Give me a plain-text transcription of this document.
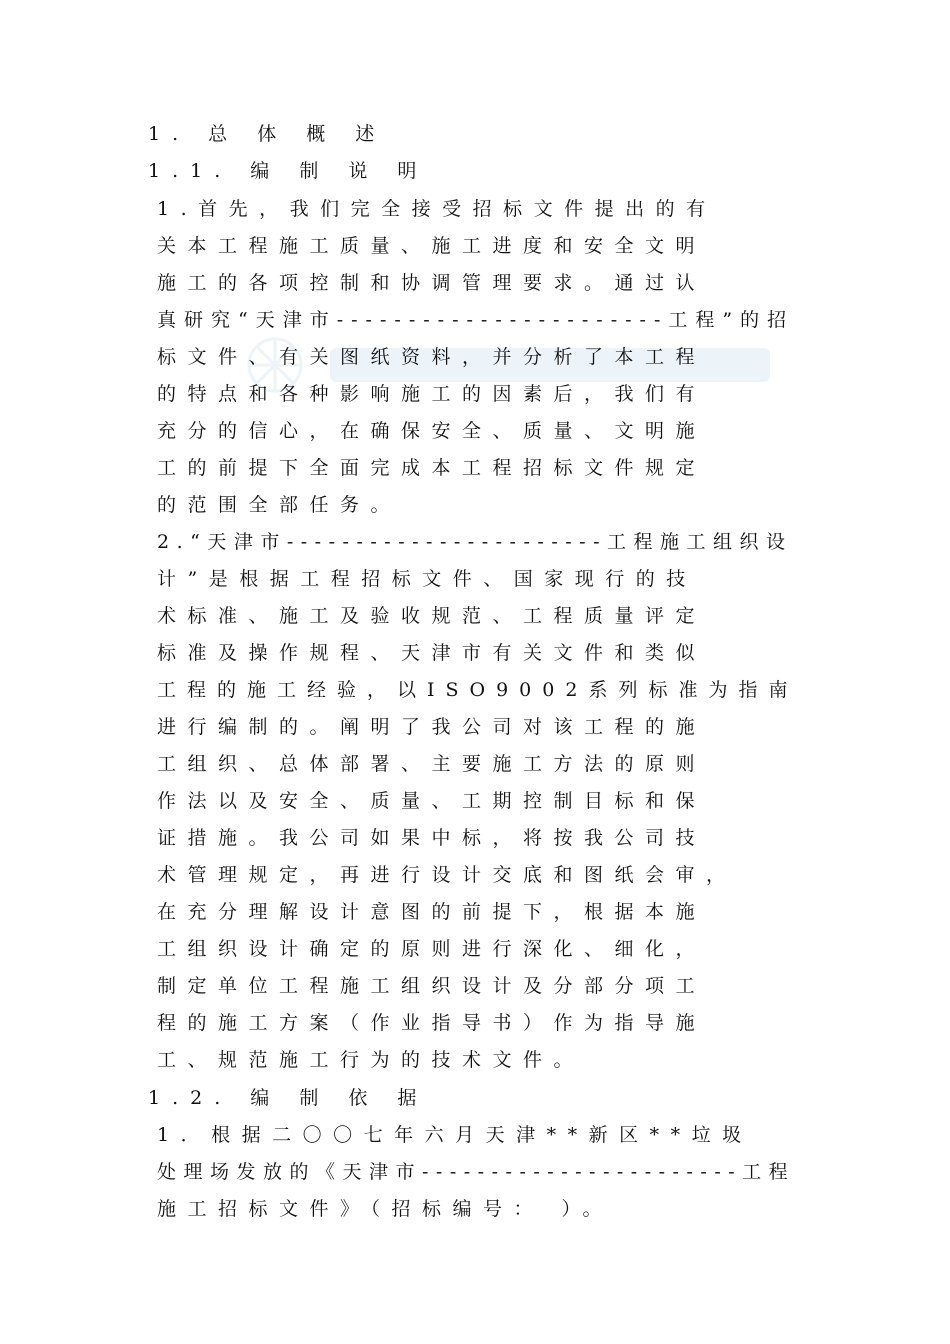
1. 总 体 概 述
1.1. 编 制 说 明
1.首先，我们完全接受招标文件提出的有
关本工程施工质量、施工进度和安全文明
施工的各项控制和协调管理要求。通过认
真研究“天津市-----------------------工程”的招
标文件、有关图纸资料，并分析了本工程
的特点和各种影响施工的因素后，我们有
充分的信心，在确保安全、质量、文明施
工的前提下全面完成本工程招标文件规定
的范围全部任务。
2.“天津市-----------------------工程施工组织设
计”是根据工程招标文件、国家现行的技
术标准、施工及验收规范、工程质量评定
标准及操作规程、天津市有关文件和类似
工程的施工经验，以ISO9002系列标准为指南
进行编制的。阐明了我公司对该工程的施
工组织、总体部署、主要施工方法的原则
作法以及安全、质量、工期控制目标和保
证措施。我公司如果中标，将按我公司技
术管理规定，再进行设计交底和图纸会审，
在充分理解设计意图的前提下，根据本施
工组织设计确定的原则进行深化、细化，
制定单位工程施工组织设计及分部分项工
程的施工方案（作业指导书）作为指导施
工、规范施工行为的技术文件。
1.2. 编 制 依 据
1．根据二〇〇七年六月天津**新区**垃圾
处理场发放的《天津市-----------------------工程
施工招标文件》（招标编号： ）。
